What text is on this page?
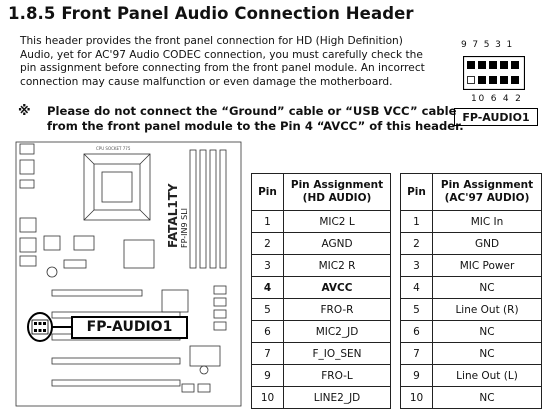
1.8.5 Front Panel Audio Connection Header
This header provides the front panel connection for HD (High Definition)
Audio, yet for AC'97 Audio CODEC connection, you must carefully check the
pin assignment before connecting from the front panel module. An incorrect
connection may cause malfunction or even damage the motherboard.
※ Please do not connect the “Ground” cable or “USB VCC” cable
from the front panel module to the Pin 4 “AVCC” of this header.
9 7 5 3 1
10 6 4 2
FP-AUDIO1
CPU SOCKET 775
FATAL1TY FP-IN9 SLI
FP-AUDIO1
Pin	Pin Assignment (HD AUDIO)
1	MIC2 L
2	AGND
3	MIC2 R
4	AVCC
5	FRO-R
6	MIC2_JD
7	F_IO_SEN
9	FRO-L
10	LINE2_JD
Pin	Pin Assignment (AC'97 AUDIO)
1	MIC In
2	GND
3	MIC Power
4	NC
5	Line Out (R)
6	NC
7	NC
9	Line Out (L)
10	NC
